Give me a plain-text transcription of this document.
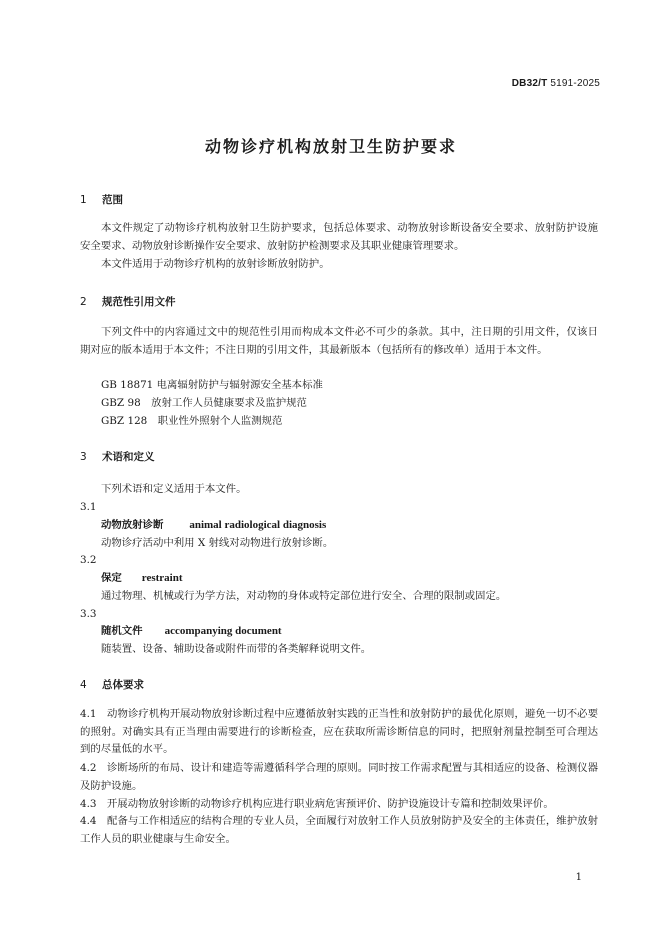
DB32/T 5191-2025
动物诊疗机构放射卫生防护要求
1 范围
本文件规定了动物诊疗机构放射卫生防护要求，包括总体要求、动物放射诊断设备安全要求、放射防护设施安全要求、动物放射诊断操作安全要求、放射防护检测要求及其职业健康管理要求。
本文件适用于动物诊疗机构的放射诊断放射防护。
2 规范性引用文件
下列文件中的内容通过文中的规范性引用而构成本文件必不可少的条款。其中，注日期的引用文件，仅该日期对应的版本适用于本文件；不注日期的引用文件，其最新版本（包括所有的修改单）适用于本文件。
GB 18871 电离辐射防护与辐射源安全基本标准
GBZ 98　放射工作人员健康要求及监护规范
GBZ 128　职业性外照射个人监测规范
3 术语和定义
下列术语和定义适用于本文件。
3.1
动物放射诊断 animal radiological diagnosis
动物诊疗活动中利用 X 射线对动物进行放射诊断。
3.2
保定 restraint
通过物理、机械或行为学方法，对动物的身体或特定部位进行安全、合理的限制或固定。
3.3
随机文件 accompanying document
随装置、设备、辅助设备或附件而带的各类解释说明文件。
4 总体要求
4.1　 动物诊疗机构开展动物放射诊断过程中应遵循放射实践的正当性和放射防护的最优化原则，避免一切不必要的照射。对确实具有正当理由需要进行的诊断检查，应在获取所需诊断信息的同时，把照射剂量控制至可合理达到的尽量低的水平。
4.2　 诊断场所的布局、设计和建造等需遵循科学合理的原则。同时按工作需求配置与其相适应的设备、检测仪器及防护设施。
4.3　 开展动物放射诊断的动物诊疗机构应进行职业病危害预评价、防护设施设计专篇和控制效果评价。
4.4　 配备与工作相适应的结构合理的专业人员，全面履行对放射工作人员放射防护及安全的主体责任，维护放射工作人员的职业健康与生命安全。
1
